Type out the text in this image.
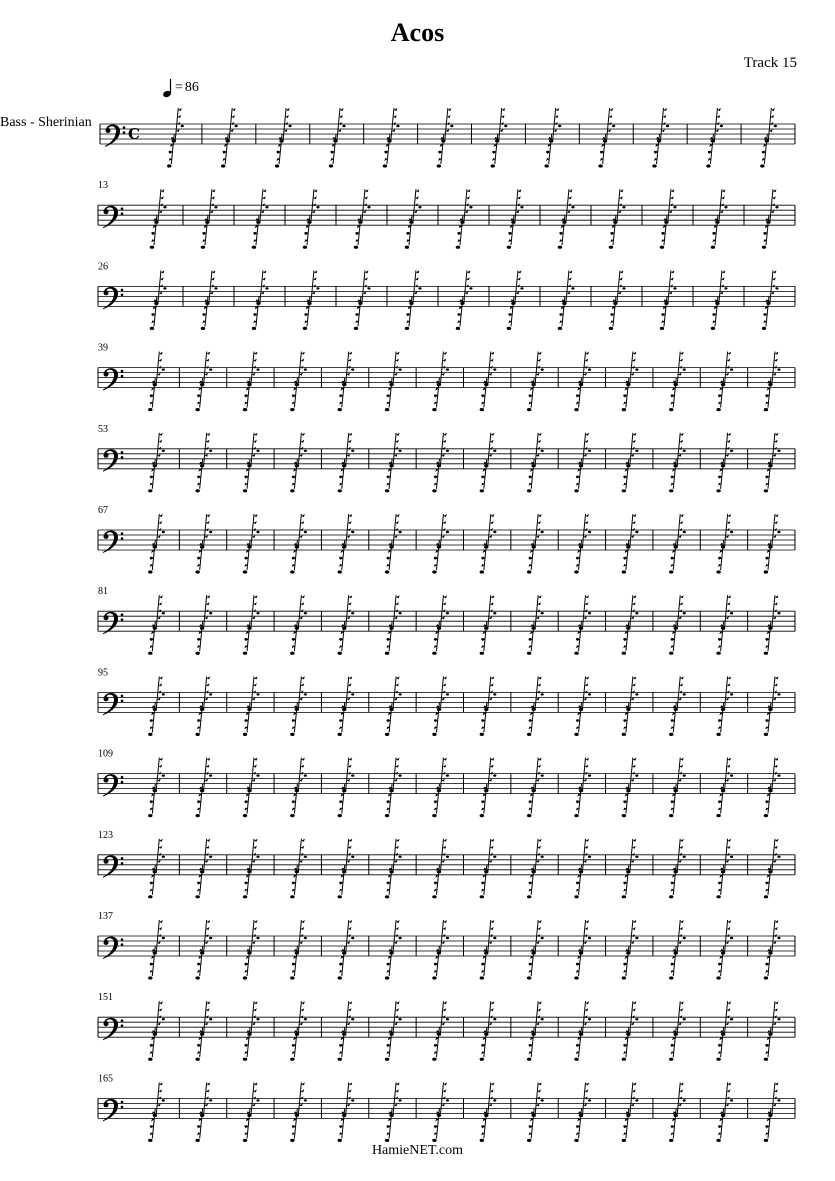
Acos
Track 15
= 86
Bass - Sherinian
C
13
26
39
53
67
81
95
109
123
137
151
165
HamieNET.com
